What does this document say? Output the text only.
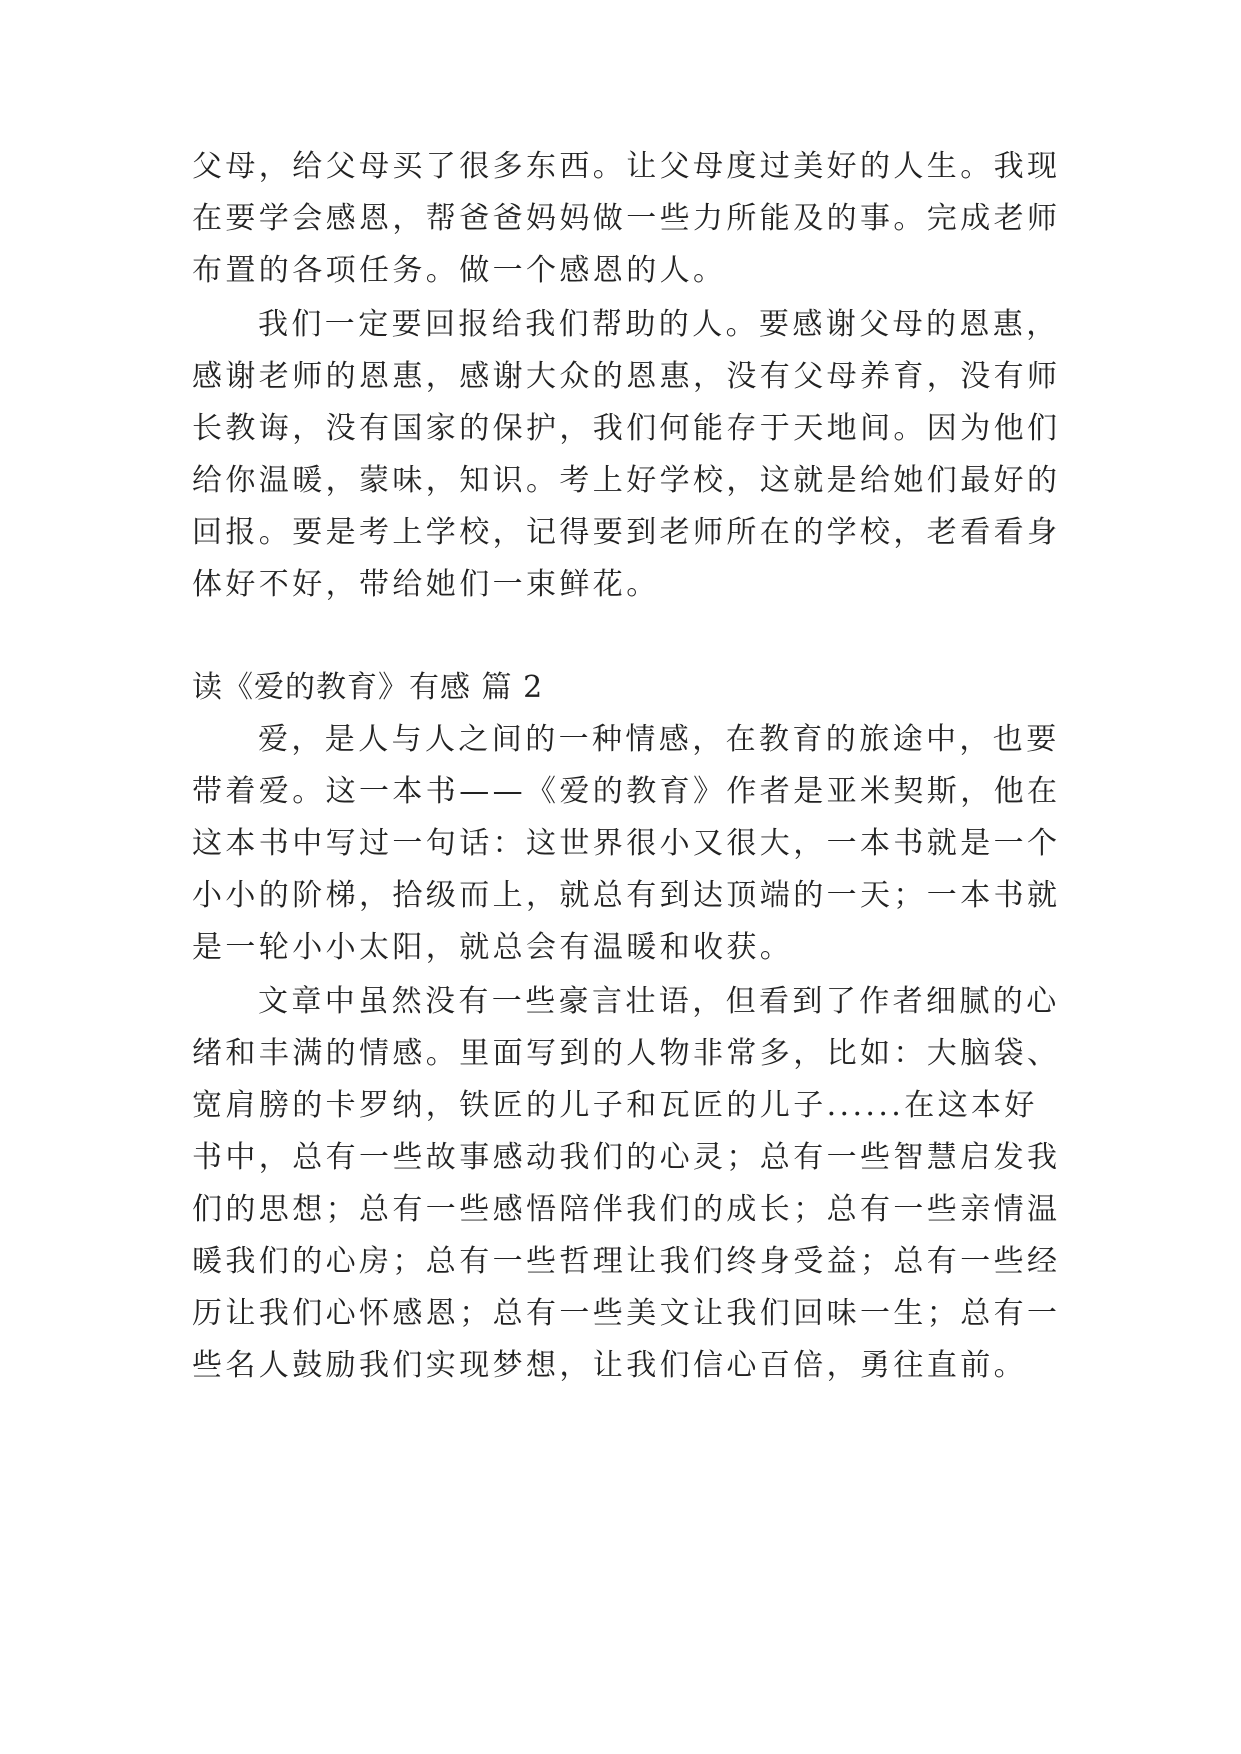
父母，给父母买了很多东西。让父母度过美好的人生。我现

在要学会感恩，帮爸爸妈妈做一些力所能及的事。完成老师

布置的各项任务。做一个感恩的人。

我们一定要回报给我们帮助的人。要感谢父母的恩惠，

感谢老师的恩惠，感谢大众的恩惠，没有父母养育，没有师

长教诲，没有国家的保护，我们何能存于天地间。因为他们

给你温暖，蒙味，知识。考上好学校，这就是给她们最好的

回报。要是考上学校，记得要到老师所在的学校，老看看身

体好不好，带给她们一束鲜花。

读《爱的教育》有感 篇 2

爱，是人与人之间的一种情感，在教育的旅途中，也要

带着爱。这一本书——《爱的教育》作者是亚米契斯，他在

这本书中写过一句话：这世界很小又很大，一本书就是一个

小小的阶梯，拾级而上，就总有到达顶端的一天；一本书就

是一轮小小太阳，就总会有温暖和收获。

文章中虽然没有一些豪言壮语，但看到了作者细腻的心

绪和丰满的情感。里面写到的人物非常多，比如：大脑袋、

宽肩膀的卡罗纳，铁匠的儿子和瓦匠的儿子......在这本好

书中，总有一些故事感动我们的心灵；总有一些智慧启发我

们的思想；总有一些感悟陪伴我们的成长；总有一些亲情温

暖我们的心房；总有一些哲理让我们终身受益；总有一些经

历让我们心怀感恩；总有一些美文让我们回味一生；总有一

些名人鼓励我们实现梦想，让我们信心百倍，勇往直前。
